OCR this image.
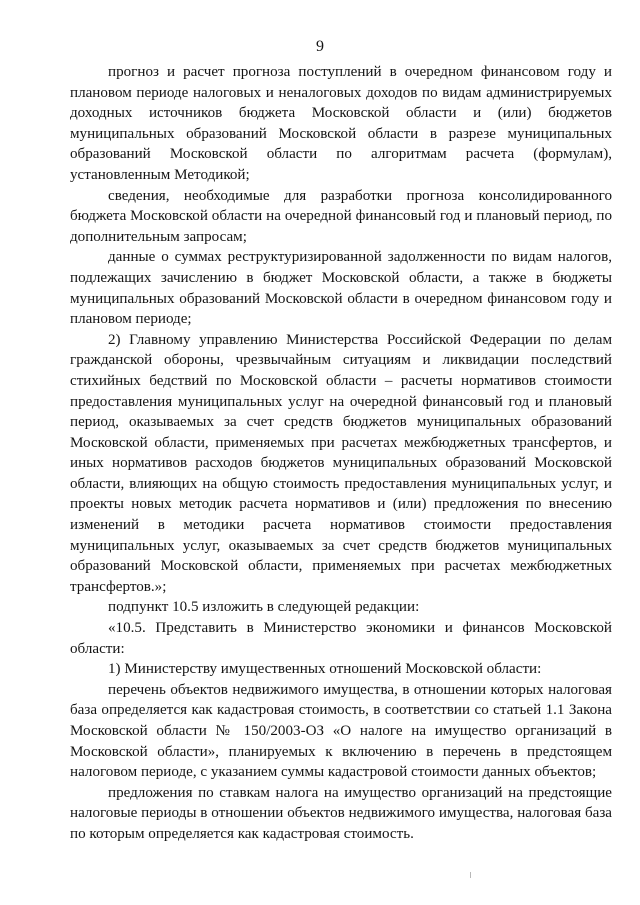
9

прогноз и расчет прогноза поступлений в очередном финансовом году и плановом периоде налоговых и неналоговых доходов по видам администрируемых доходных источников бюджета Московской области и (или) бюджетов муниципальных образований Московской области в разрезе муниципальных образований Московской области по алгоритмам расчета (формулам), установленным Методикой;

сведения, необходимые для разработки прогноза консолидированного бюджета Московской области на очередной финансовый год и плановый период, по дополнительным запросам;

данные о суммах реструктуризированной задолженности по видам налогов, подлежащих зачислению в бюджет Московской области, а также в бюджеты муниципальных образований Московской области в очередном финансовом году и плановом периоде;

2) Главному управлению Министерства Российской Федерации по делам гражданской обороны, чрезвычайным ситуациям и ликвидации последствий стихийных бедствий по Московской области – расчеты нормативов стоимости предоставления муниципальных услуг на очередной финансовый год и плановый период, оказываемых за счет средств бюджетов муниципальных образований Московской области, применяемых при расчетах межбюджетных трансфертов, и иных нормативов расходов бюджетов муниципальных образований Московской области, влияющих на общую стоимость предоставления муниципальных услуг, и проекты новых методик расчета нормативов и (или) предложения по внесению изменений в методики расчета нормативов стоимости предоставления муниципальных услуг, оказываемых за счет средств бюджетов муниципальных образований Московской области, применяемых при расчетах межбюджетных трансфертов.»;

подпункт 10.5 изложить в следующей редакции:

«10.5. Представить в Министерство экономики и финансов Московской области:

1) Министерству имущественных отношений Московской области:

перечень объектов недвижимого имущества, в отношении которых налоговая база определяется как кадастровая стоимость, в соответствии со статьей 1.1 Закона Московской области № 150/2003-ОЗ «О налоге на имущество организаций в Московской области», планируемых к включению в перечень в предстоящем налоговом периоде, с указанием суммы кадастровой стоимости данных объектов;

предложения по ставкам налога на имущество организаций на предстоящие налоговые периоды в отношении объектов недвижимого имущества, налоговая база по которым определяется как кадастровая стоимость.
